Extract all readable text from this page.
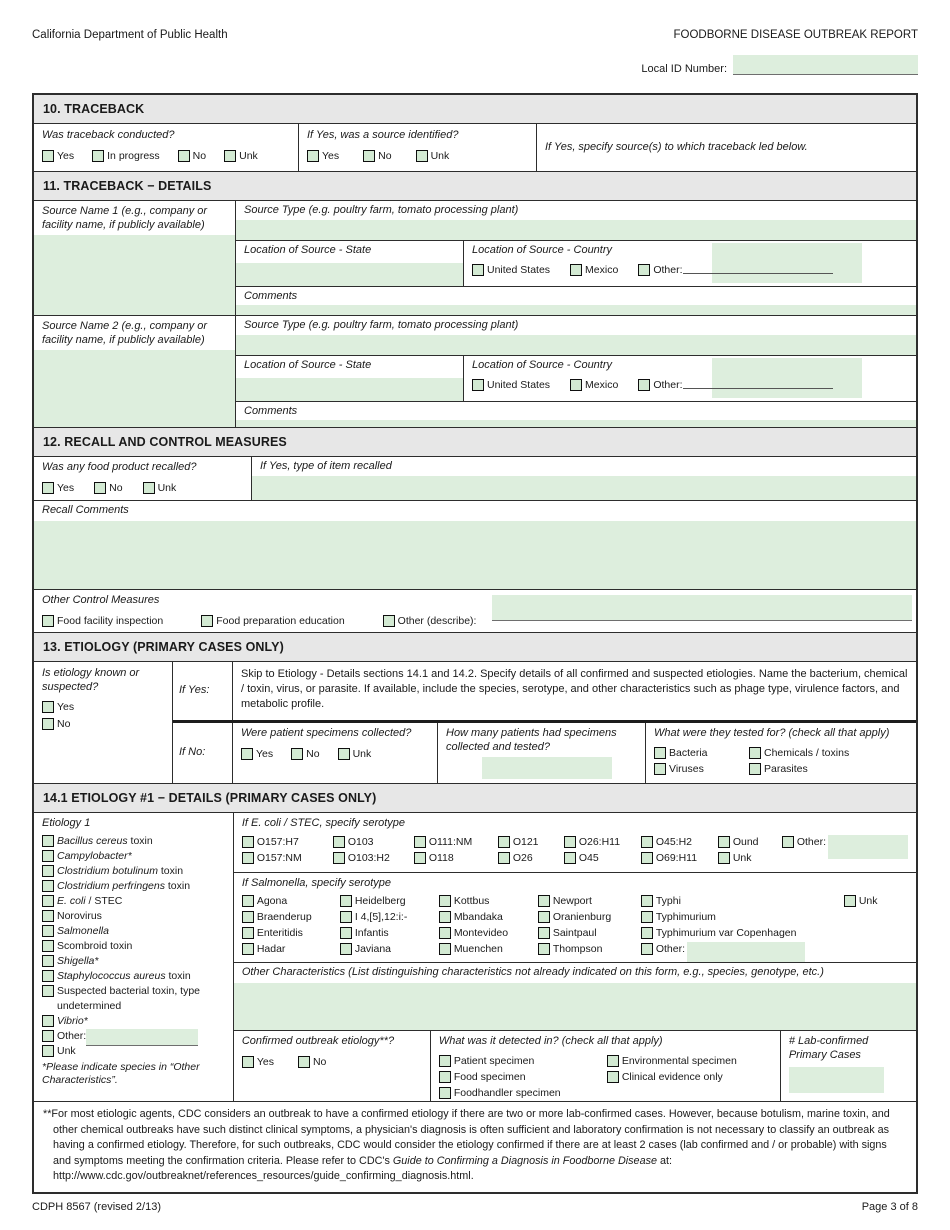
California Department of Public Health	FOODBORNE DISEASE OUTBREAK REPORT
Local ID Number:
10. TRACEBACK
Was traceback conducted?
Yes	In progress	No	Unk
If Yes, was a source identified?
Yes	No	Unk
If Yes, specify source(s) to which traceback led below.
11. TRACEBACK − DETAILS
Source Name 1 (e.g., company or facility name, if publicly available)
Source Type (e.g. poultry farm, tomato processing plant)
Location of Source - State	Location of Source - Country
United States	Mexico	Other:
Comments
Source Name 2 (e.g., company or facility name, if publicly available)
Source Type (e.g. poultry farm, tomato processing plant)
Location of Source - State	Location of Source - Country
United States	Mexico	Other:
Comments
12. RECALL AND CONTROL MEASURES
Was any food product recalled?
Yes	No	Unk
If Yes, type of item recalled
Recall Comments
Other Control Measures
Food facility inspection	Food preparation education	Other (describe):
13. ETIOLOGY (PRIMARY CASES ONLY)
Is etiology known or suspected?
Yes
No
If Yes:
Skip to Etiology - Details sections 14.1 and 14.2. Specify details of all confirmed and suspected etiologies. Name the bacterium, chemical / toxin, virus, or parasite. If available, include the species, serotype, and other characteristics such as phage type, virulence factors, and metabolic profile.
If No:
Were patient specimens collected?
Yes	No	Unk
How many patients had specimens collected and tested?
What were they tested for? (check all that apply)
Bacteria	Chemicals / toxins
Viruses	Parasites
14.1 ETIOLOGY #1 − DETAILS (PRIMARY CASES ONLY)
Etiology 1
Bacillus cereus toxin
Campylobacter*
Clostridium botulinum toxin
Clostridium perfringens toxin
E. coli / STEC
Norovirus
Salmonella
Scombroid toxin
Shigella*
Staphylococcus aureus toxin
Suspected bacterial toxin, type undetermined
Vibrio*
Other:
Unk
*Please indicate species in “Other Characteristics”.
If E. coli / STEC, specify serotype
O157:H7	O103	O111:NM	O121	O26:H11	O45:H2	Ound	Other:
O157:NM	O103:H2	O118	O26	O45	O69:H11	Unk
If Salmonella, specify serotype
Agona	Heidelberg	Kottbus	Newport	Typhi	Unk
Braenderup	I 4,[5],12:i:-	Mbandaka	Oranienburg	Typhimurium
Enteritidis	Infantis	Montevideo	Saintpaul	Typhimurium var Copenhagen
Hadar	Javiana	Muenchen	Thompson	Other:
Other Characteristics (List distinguishing characteristics not already indicated on this form, e.g., species, genotype, etc.)
Confirmed outbreak etiology**?
Yes	No
What was it detected in? (check all that apply)
Patient specimen	Environmental specimen
Food specimen	Clinical evidence only
Foodhandler specimen
# Lab-confirmed Primary Cases

**For most etiologic agents, CDC considers an outbreak to have a confirmed etiology if there are two or more lab-confirmed cases. However, because botulism, marine toxin, and other chemical outbreaks have such distinct clinical symptoms, a physician's diagnosis is often sufficient and laboratory confirmation is not necessary to classify an outbreak as having a confirmed etiology. Therefore, for such outbreaks, CDC would consider the etiology confirmed if there are at least 2 cases (lab confirmed and / or probable) with signs and symptoms meeting the confirmation criteria. Please refer to CDC's Guide to Confirming a Diagnosis in Foodborne Disease at: http://www.cdc.gov/outbreaknet/references_resources/guide_confirming_diagnosis.html.

CDPH 8567 (revised 2/13)	Page 3 of 8
